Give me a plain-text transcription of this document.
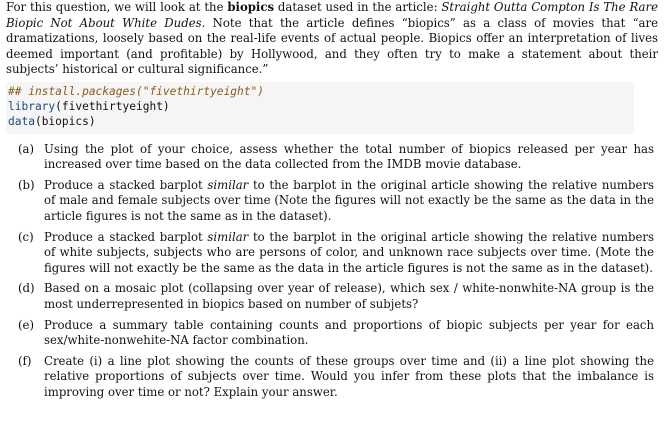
For this question, we will look at the biopics dataset used in the article: Straight Outta Compton Is The Rare Biopic Not About White Dudes. Note that the article defines “biopics” as a class of movies that “are dramatizations, loosely based on the real-life events of actual people. Biopics offer an interpretation of lives deemed important (and profitable) by Hollywood, and they often try to make a statement about their subjects’ historical or cultural significance.”

## install.packages("fivethirtyeight")
library(fivethirtyeight)
data(biopics)
(a) Using the plot of your choice, assess whether the total number of biopics released per year has increased over time based on the data collected from the IMDB movie database.
(b) Produce a stacked barplot similar to the barplot in the original article showing the relative numbers of male and female subjects over time (Note the figures will not exactly be the same as the data in the article figures is not the same as in the dataset).
(c) Produce a stacked barplot similar to the barplot in the original article showing the relative numbers of white subjects, subjects who are persons of color, and unknown race subjects over time. (Mote the figures will not exactly be the same as the data in the article figures is not the same as in the dataset).
(d) Based on a mosaic plot (collapsing over year of release), which sex / white-nonwhite-NA group is the most underrepresented in biopics based on number of subjets?
(e) Produce a summary table containing counts and proportions of biopic subjects per year for each sex/white-nonwehite-NA factor combination.
(f)	Create (i) a line plot showing the counts of these groups over time and (ii) a line plot showing the relative proportions of subjects over time. Would you infer from these plots that the imbalance is improving over time or not? Explain your answer.
